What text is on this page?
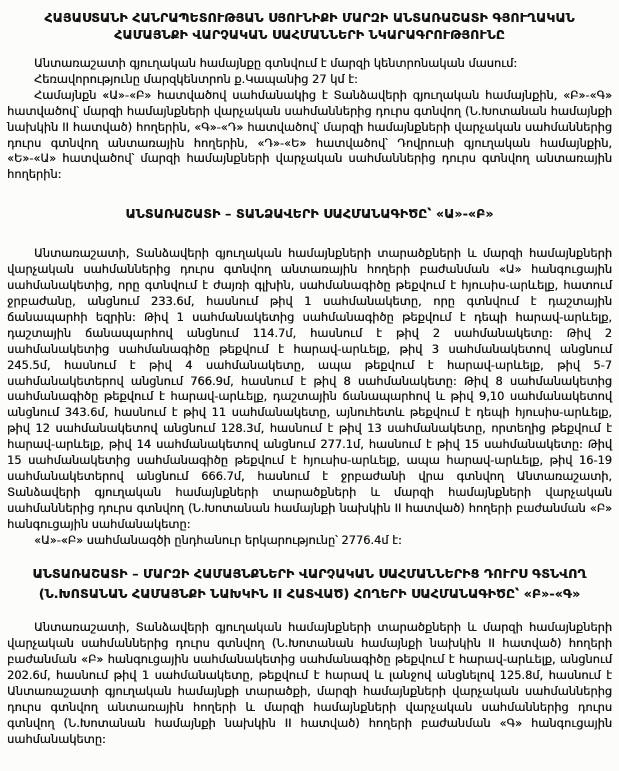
ՀԱՅԱՍՏԱՆԻ ՀԱՆՐԱՊԵՏՈՒԹՅԱՆ ՍՅՈՒՆԻՔԻ ՄԱՐԶԻ ԱՆՏԱՌԱՇԱՏԻ ԳՅՈՒՂԱԿԱՆ
ՀԱՄԱՅՆՔԻ ՎԱՐՉԱԿԱՆ ՍԱՀՄԱՆՆԵՐԻ ՆԿԱՐԱԳՐՈՒԹՅՈՒՆԸ

Անտառաշատի գյուղական համայնքը գտնվում է մարզի կենտրոնական մասում:

Հեռավորությունը մարզկենտրոն ք.Կապանից 27 կմ է:

Համայնքն «Ա»-«Բ» հատվածով սահմանակից է Տանձավերի գյուղական համայնքին, «Բ»-«Գ» հատվածով՝ մարզի համայնքների վարչական սահմաններից դուրս գտնվող (Ն.Խոտանան համայնքի նախկին II հատված) հողերին, «Գ»-«Դ» հատվածով՝ մարզի համայնքների վարչական սահմաններից դուրս գտնվող անտառային հողերին, «Դ»-«Ե» հատվածով՝ Դովրուսի գյուղական համայնքին, «Ե»-«Ա» հատվածով՝ մարզի համայնքների վարչական սահմաններից դուրս գտնվող անտառային հողերին:

ԱՆՏԱՌԱՇԱՏԻ – ՏԱՆՁԱՎԵՐԻ ՍԱՀՄԱՆԱԳԻԾԸ՝ «Ա»-«Բ»

Անտառաշատի, Տանձավերի գյուղական համայնքների տարածքների և մարզի համայնքների վարչական սահմաններից դուրս գտնվող անտառային հողերի բաժանման «Ա» հանգուցային սահմանակետից, որը գտնվում է ժայռի գլխին, սահմանագիծը թեքվում է հյուսիս-արևելք, հատում ջրբաժանը, անցնում 233.6մ, հասնում թիվ 1 սահմանակետը, որը գտնվում է դաշտային ճանապարհի եզրին: Թիվ 1 սահմանակետից սահմանագիծը թեքվում է դեպի հարավ-արևելք, դաշտային ճանապարհով անցնում 114.7մ, հասնում է թիվ 2 սահմանակետը: Թիվ 2 սահմանակետից սահմանագիծը թեքվում է հարավ-արևելք, թիվ 3 սահմանակետով անցնում 245.5մ, հասնում է թիվ 4 սահմանակետը, ապա թեքվում է հարավ-արևելք, թիվ 5-7 սահմանակետերով անցնում 766.9մ, հասնում է թիվ 8 սահմանակետը: Թիվ 8 սահմանակետից սահմանագիծը թեքվում է հարավ-արևելք, դաշտային ճանապարհով և թիվ 9,10 սահմանակետով անցնում 343.6մ, հասնում է թիվ 11 սահմանակետը, այնուհետև թեքվում է դեպի հյուսիս-արևելք, թիվ 12 սահմանակետով անցնում 128.3մ, հասնում է թիվ 13 սահմանակետը, որտեղից թեքվում է հարավ-արևելք, թիվ 14 սահմանակետով անցնում 277.1մ, հասնում է թիվ 15 սահմանակետը: Թիվ 15 սահմանակետից սահմանագիծը թեքվում է հյուսիս-արևելք, ապա հարավ-արևելք, թիվ 16-19 սահմանակետերով անցնում 666.7մ, հասնում է ջրբաժանի վրա գտնվող Անտառաշատի, Տանձավերի գյուղական համայնքների տարածքների և մարզի համայնքների վարչական սահմաններից դուրս գտնվող (Ն.Խոտանան համայնքի նախկին II հատված) հողերի բաժանման «Բ» հանգուցային սահմանակետը:

«Ա»-«Բ» սահմանագծի ընդհանուր երկարությունը՝ 2776.4մ է:

ԱՆՏԱՌԱՇԱՏԻ – ՄԱՐԶԻ ՀԱՄԱՅՆՔՆԵՐԻ ՎԱՐՉԱԿԱՆ ՍԱՀՄԱՆՆԵՐԻՑ ԴՈՒՐՍ ԳՏՆՎՈՂ
(Ն.ԽՈՏԱՆԱՆ ՀԱՄԱՅՆՔԻ ՆԱԽԿԻՆ II ՀԱՏՎԱԾ) ՀՈՂԵՐԻ ՍԱՀՄԱՆԱԳԻԾԸ՝ «Բ»-«Գ»

Անտառաշատի, Տանձավերի գյուղական համայնքների տարածքների և մարզի համայնքների վարչական սահմաններից դուրս գտնվող (Ն.Խոտանան համայնքի նախկին II հատված) հողերի բաժանման «Բ» հանգուցային սահմանակետից սահմանագիծը թեքվում է հարավ-արևելք, անցնում 202.6մ, հասնում թիվ 1 սահմանակետը, թեքվում է հարավ և լանջով անցնելով 125.8մ, հասնում է Անտառաշատի գյուղական համայնքի տարածքի, մարզի համայնքների վարչական սահմաններից դուրս գտնվող անտառային հողերի և մարզի համայնքների վարչական սահմաններից դուրս գտնվող (Ն.Խոտանան համայնքի նախկին II հատված) հողերի բաժանման «Գ» հանգուցային սահմանակետը:
